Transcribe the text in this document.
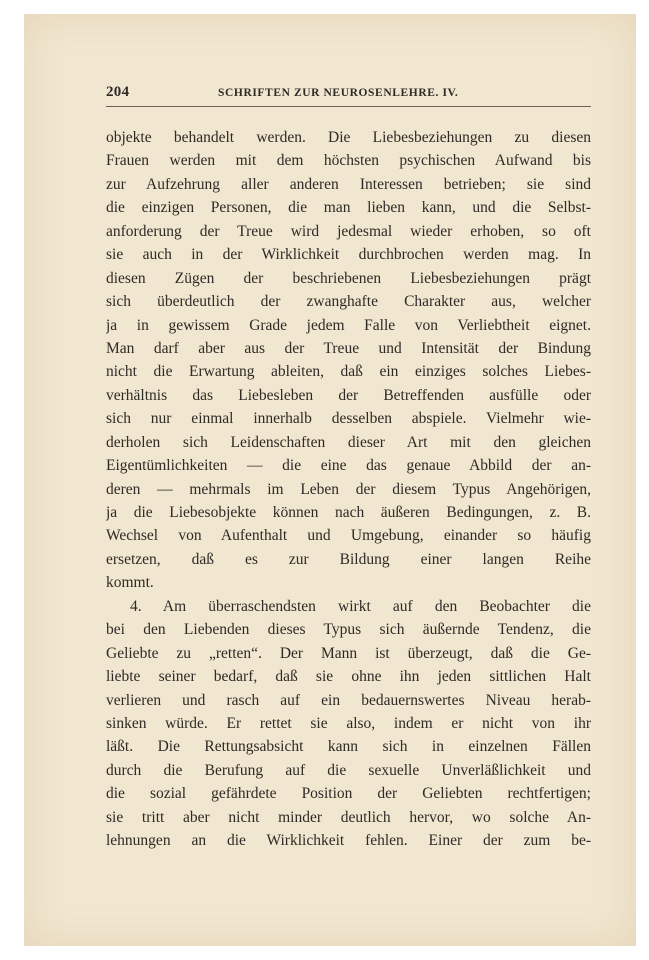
204	SCHRIFTEN ZUR NEUROSENLEHRE. IV.
objekte behandelt werden. Die Liebesbeziehungen zu diesen
Frauen werden mit dem höchsten psychischen Aufwand bis
zur Aufzehrung aller anderen Interessen betrieben; sie sind
die einzigen Personen, die man lieben kann, und die Selbst-
anforderung der Treue wird jedesmal wieder erhoben, so oft
sie auch in der Wirklichkeit durchbrochen werden mag. In
diesen Zügen der beschriebenen Liebesbeziehungen prägt
sich überdeutlich der zwanghafte Charakter aus, welcher
ja in gewissem Grade jedem Falle von Verliebtheit eignet.
Man darf aber aus der Treue und Intensität der Bindung
nicht die Erwartung ableiten, daß ein einziges solches Liebes-
verhältnis das Liebesleben der Betreffenden ausfülle oder
sich nur einmal innerhalb desselben abspiele. Vielmehr wie-
derholen sich Leidenschaften dieser Art mit den gleichen
Eigentümlichkeiten — die eine das genaue Abbild der an-
deren — mehrmals im Leben der diesem Typus Angehörigen,
ja die Liebesobjekte können nach äußeren Bedingungen, z. B.
Wechsel von Aufenthalt und Umgebung, einander so häufig
ersetzen, daß es zur Bildung einer langen Reihe
kommt.
4. Am überraschendsten wirkt auf den Beobachter die
bei den Liebenden dieses Typus sich äußernde Tendenz, die
Geliebte zu „retten“. Der Mann ist überzeugt, daß die Ge-
liebte seiner bedarf, daß sie ohne ihn jeden sittlichen Halt
verlieren und rasch auf ein bedauernswertes Niveau herab-
sinken würde. Er rettet sie also, indem er nicht von ihr
läßt. Die Rettungsabsicht kann sich in einzelnen Fällen
durch die Berufung auf die sexuelle Unverläßlichkeit und
die sozial gefährdete Position der Geliebten rechtfertigen;
sie tritt aber nicht minder deutlich hervor, wo solche An-
lehnungen an die Wirklichkeit fehlen. Einer der zum be-
